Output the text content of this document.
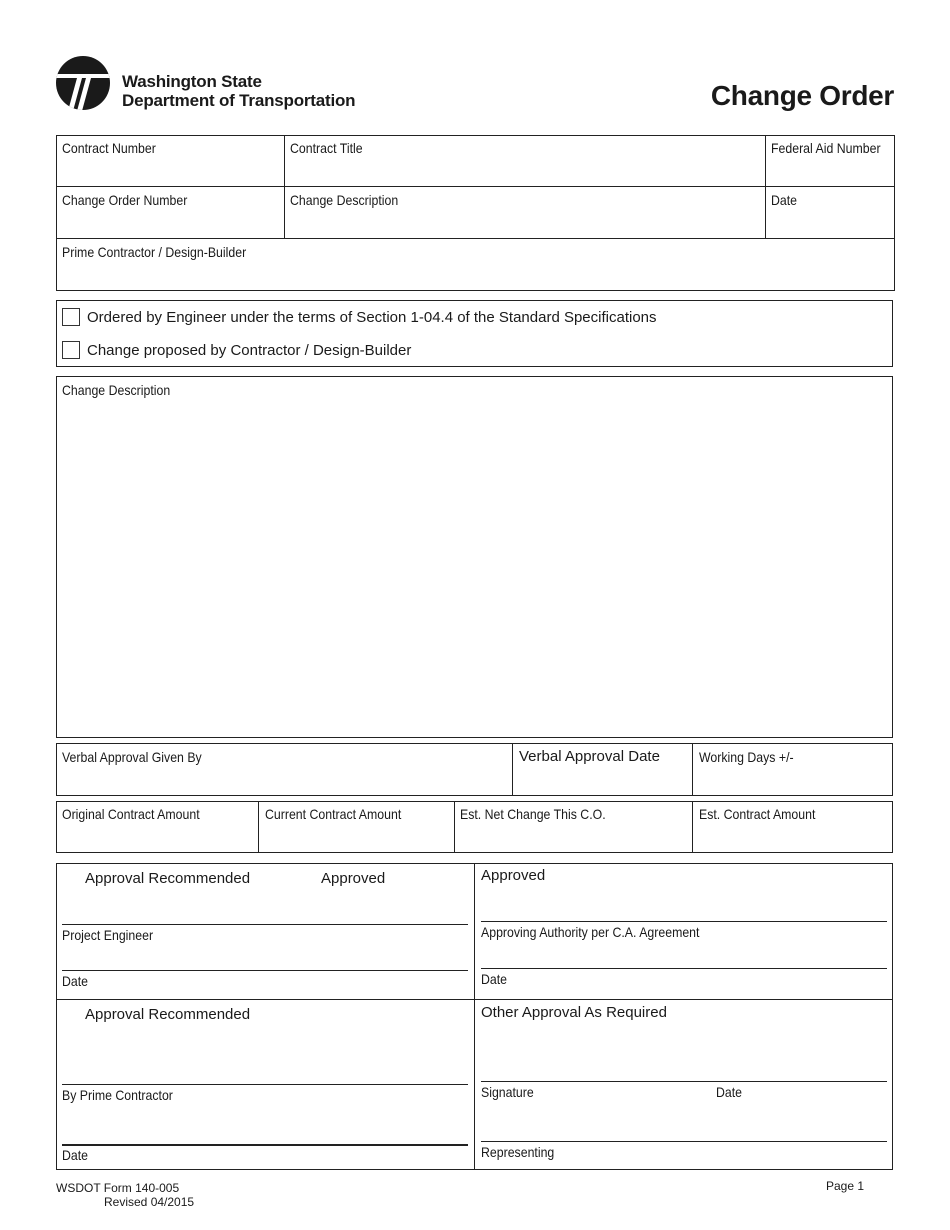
Washington State
Department of Transportation	Change Order
Contract Number	Contract Title	Federal Aid Number
Change Order Number	Change Description	Date
Prime Contractor / Design-Builder
Ordered by Engineer under the terms of Section 1-04.4 of the Standard Specifications
Change proposed by Contractor / Design-Builder
Change Description
Verbal Approval Given By	Verbal Approval Date	Working Days +/-
Original Contract Amount	Current Contract Amount	Est. Net Change This C.O.	Est. Contract Amount
Approval Recommended	Approved
Project Engineer
Date
Approved
Approving Authority per C.A. Agreement
Date
Approval Recommended
By Prime Contractor
Date
Other Approval As Required
Signature	Date
Representing
WSDOT Form 140-005
Revised 04/2015
Page 1
